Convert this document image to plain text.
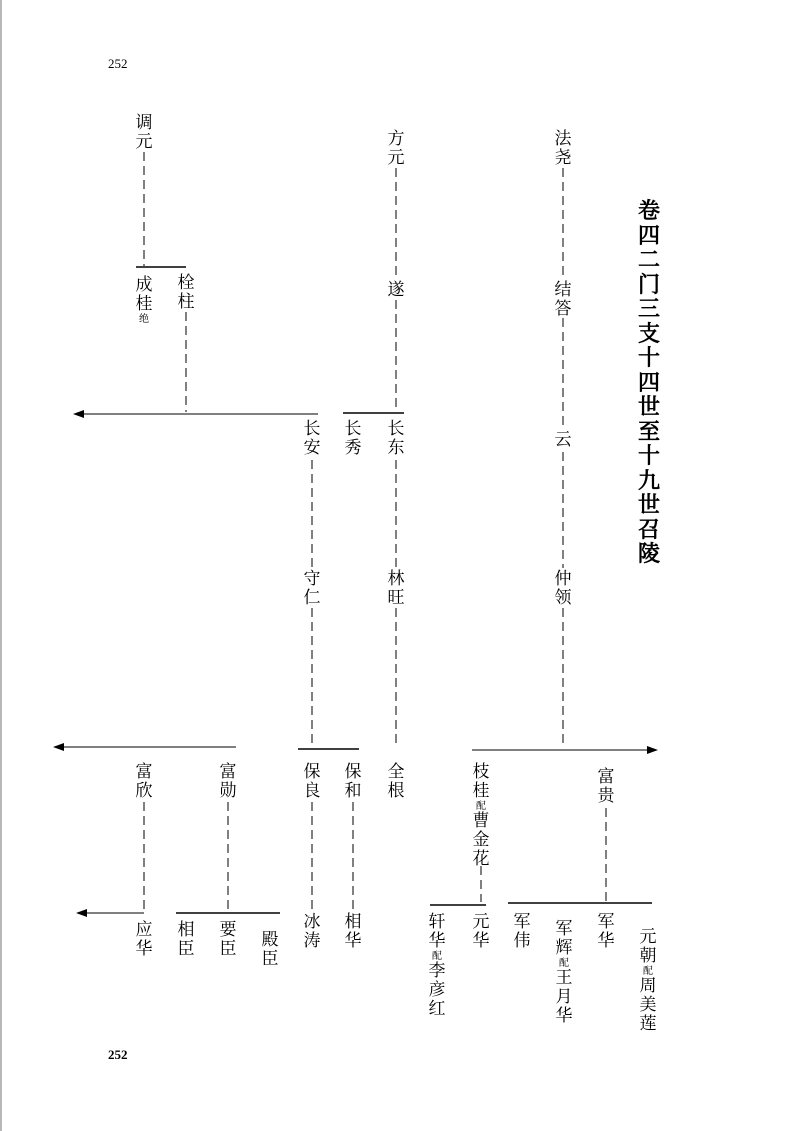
252
252
卷四 二门 三支 十四世至十九世 召陵
调元	方元
法尧
成桂
绝
栓柱
遂	结答
云
长安
长秀
长东
守仁
林旺
仲领
富欣
富勋
保良
保和
全根
枝桂
配
曹金花
富贵
应华
相臣
要臣 殿臣
冰涛
相华
轩华
配
李彦红
元华
军伟
军辉
配
王月华
军华 元朝
配
周美莲
